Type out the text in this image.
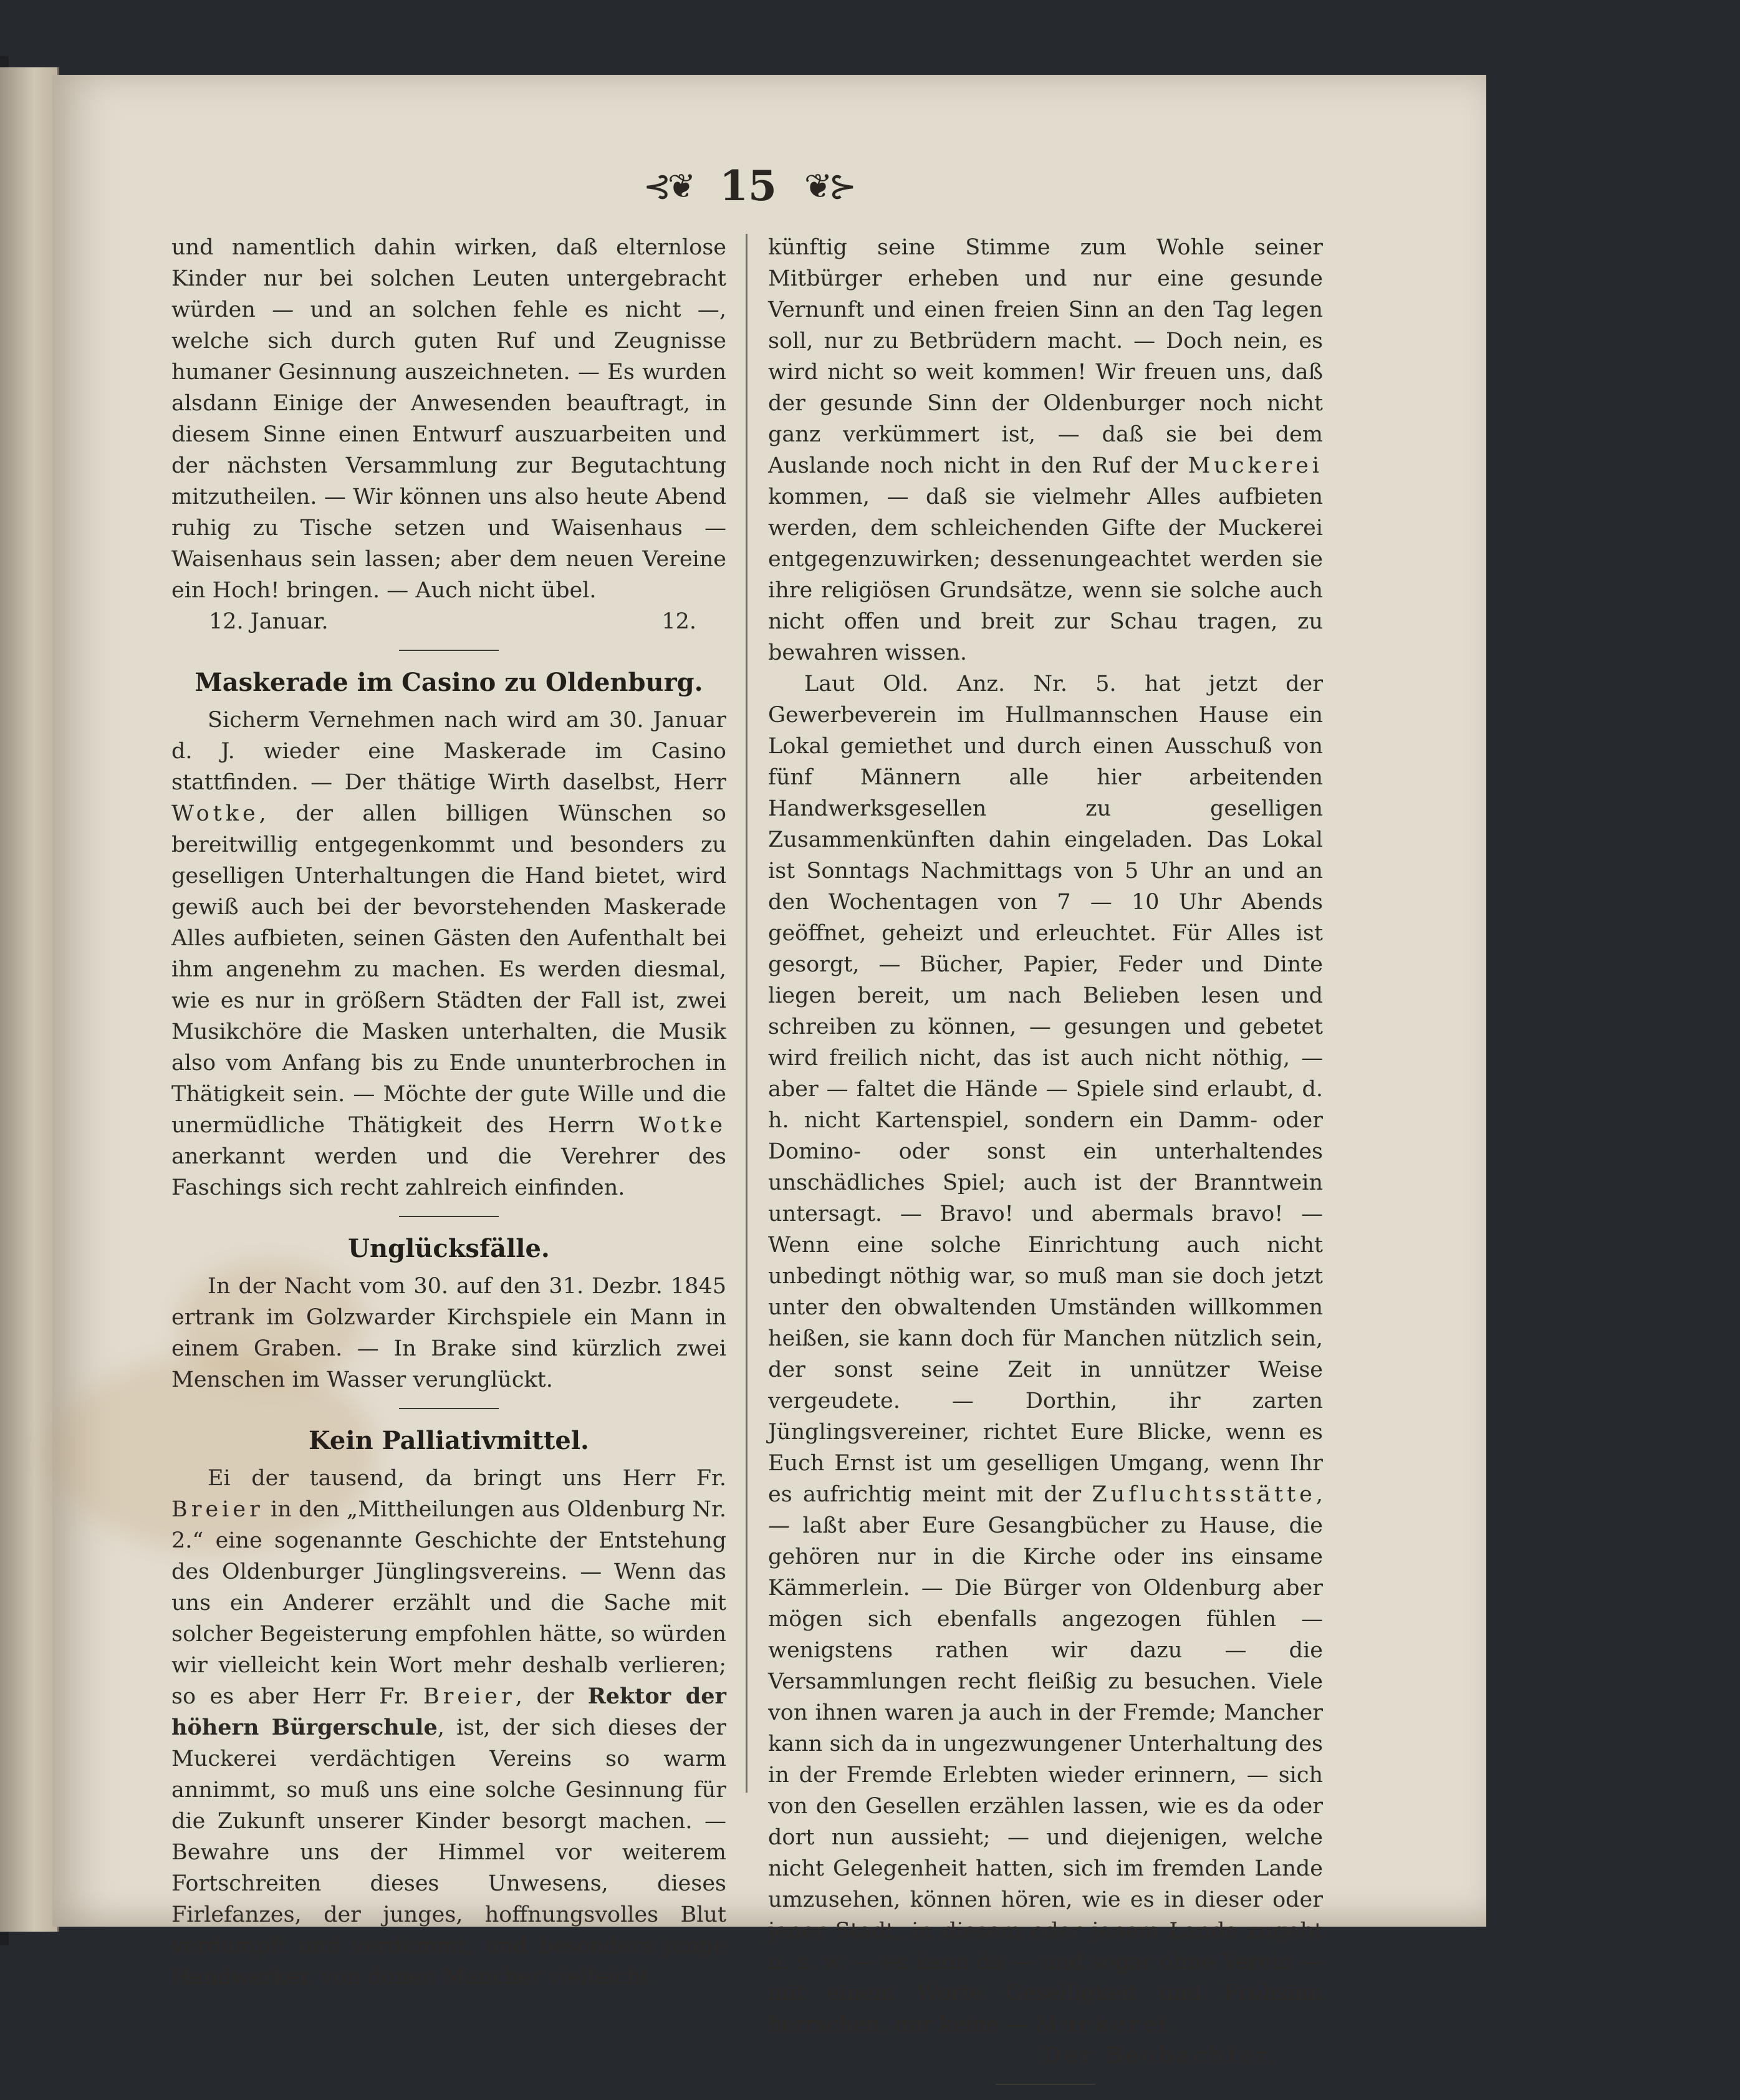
⊰❦ 15 ❦⊱

und namentlich dahin wirken, daß elternlose Kinder nur bei solchen Leuten untergebracht würden — und an solchen fehle es nicht —, welche sich durch guten Ruf und Zeugnisse humaner Gesinnung auszeichneten. — Es wurden alsdann Einige der Anwesenden beauftragt, in diesem Sinne einen Entwurf auszuarbeiten und der nächsten Versammlung zur Begutachtung mitzutheilen. — Wir können uns also heute Abend ruhig zu Tische setzen und Waisenhaus — Waisenhaus sein lassen; aber dem neuen Vereine ein Hoch! bringen. — Auch nicht übel.

12. Januar.	12.
Maskerade im Casino zu Oldenburg.

Sicherm Vernehmen nach wird am 30. Januar d. J. wieder eine Maskerade im Casino stattfinden. — Der thätige Wirth daselbst, Herr Wotke, der allen billigen Wünschen so bereitwillig entgegenkommt und besonders zu geselligen Unterhaltungen die Hand bietet, wird gewiß auch bei der bevorstehenden Maskerade Alles aufbieten, seinen Gästen den Aufenthalt bei ihm angenehm zu machen. Es werden diesmal, wie es nur in größern Städten der Fall ist, zwei Musikchöre die Masken unterhalten, die Musik also vom Anfang bis zu Ende ununterbrochen in Thätigkeit sein. — Möchte der gute Wille und die unermüdliche Thätigkeit des Herrn Wotke anerkannt werden und die Verehrer des Faschings sich recht zahlreich einfinden.

Unglücksfälle.

In der Nacht vom 30. auf den 31. Dezbr. 1845 ertrank im Golzwarder Kirchspiele ein Mann in einem Graben. — In Brake sind kürzlich zwei Menschen im Wasser verunglückt.

Kein Palliativmittel.

Ei der tausend, da bringt uns Herr Fr. Breier in den „Mittheilungen aus Oldenburg Nr. 2.“ eine sogenannte Geschichte der Entstehung des Oldenburger Jünglingsvereins. — Wenn das uns ein Anderer erzählt und die Sache mit solcher Begeisterung empfohlen hätte, so würden wir vielleicht kein Wort mehr deshalb verlieren; so es aber Herr Fr. Breier, der Rektor der höhern Bürgerschule, ist, der sich dieses der Muckerei verdächtigen Vereins so warm annimmt, so muß uns eine solche Gesinnung für die Zukunft unserer Kinder besorgt machen. — Bewahre uns der Himmel vor weiterem Fortschreiten dieses Unwesens, dieses Firlefanzes, der junges, hoffnungsvolles Blut verdumpft und verdummt, und besonders junge Handwerker, von denen Mancher vielleicht

künftig seine Stimme zum Wohle seiner Mitbürger erheben und nur eine gesunde Vernunft und einen freien Sinn an den Tag legen soll, nur zu Betbrüdern macht. — Doch nein, es wird nicht so weit kommen! Wir freuen uns, daß der gesunde Sinn der Oldenburger noch nicht ganz verkümmert ist, — daß sie bei dem Auslande noch nicht in den Ruf der Muckerei kommen, — daß sie vielmehr Alles aufbieten werden, dem schleichenden Gifte der Muckerei entgegenzuwirken; dessenungeachtet werden sie ihre religiösen Grundsätze, wenn sie solche auch nicht offen und breit zur Schau tragen, zu bewahren wissen.

Laut Old. Anz. Nr. 5. hat jetzt der Gewerbeverein im Hullmannschen Hause ein Lokal gemiethet und durch einen Ausschuß von fünf Männern alle hier arbeitenden Handwerksgesellen zu geselligen Zusammenkünften dahin eingeladen. Das Lokal ist Sonntags Nachmittags von 5 Uhr an und an den Wochentagen von 7 — 10 Uhr Abends geöffnet, geheizt und erleuchtet. Für Alles ist gesorgt, — Bücher, Papier, Feder und Dinte liegen bereit, um nach Belieben lesen und schreiben zu können, — gesungen und gebetet wird freilich nicht, das ist auch nicht nöthig, — aber — faltet die Hände — Spiele sind erlaubt, d. h. nicht Kartenspiel, sondern ein Damm- oder Domino- oder sonst ein unterhaltendes unschädliches Spiel; auch ist der Branntwein untersagt. — Bravo! und abermals bravo! — Wenn eine solche Einrichtung auch nicht unbedingt nöthig war, so muß man sie doch jetzt unter den obwaltenden Umständen willkommen heißen, sie kann doch für Manchen nützlich sein, der sonst seine Zeit in unnützer Weise vergeudete. — Dorthin, ihr zarten Jünglingsvereiner, richtet Eure Blicke, wenn es Euch Ernst ist um geselligen Umgang, wenn Ihr es aufrichtig meint mit der Zufluchtsstätte, — laßt aber Eure Gesangbücher zu Hause, die gehören nur in die Kirche oder ins einsame Kämmerlein. — Die Bürger von Oldenburg aber mögen sich ebenfalls angezogen fühlen — wenigstens rathen wir dazu — die Versammlungen recht fleißig zu besuchen. Viele von ihnen waren ja auch in der Fremde; Mancher kann sich da in ungezwungener Unterhaltung des in der Fremde Erlebten wieder erinnern, — sich von den Gesellen erzählen lassen, wie es da oder dort nun aussieht; — und diejenigen, welche nicht Gelegenheit hatten, sich im fremden Lande umzusehen, können hören, wie es in dieser oder jener Stadt, in diesem oder jenem Lande zugeht u. s. w. — es kann da — und sogar ohne Verein — mit einem Worte Geselligkeit und Frohsinn herrschen, nur keine — Muckerei.

Der Beobachter.
